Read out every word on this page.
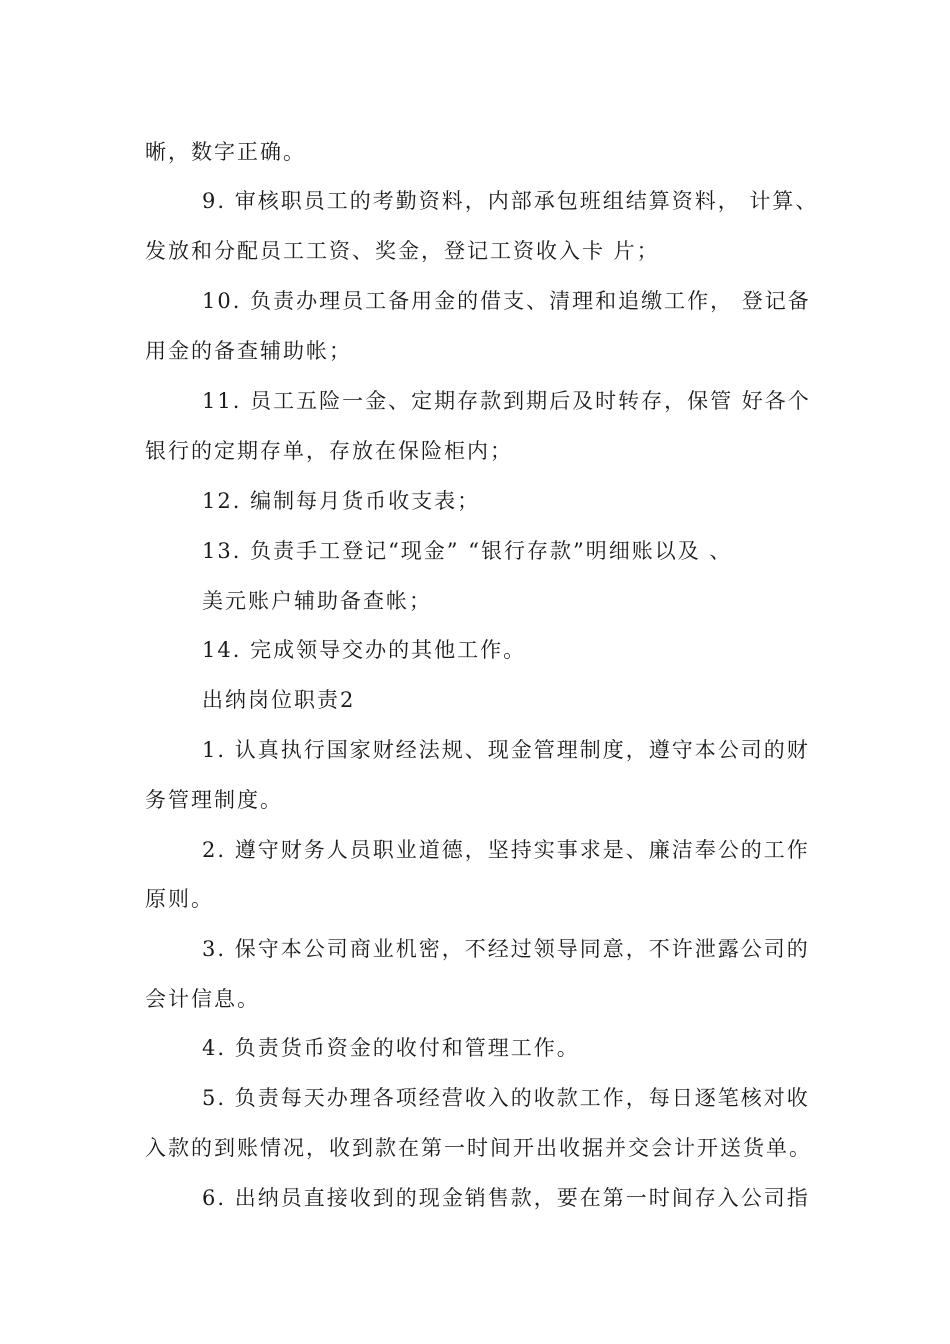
晰，数字正确。
9. 审核职员工的考勤资料，内部承包班组结算资料， 计算、
发放和分配员工工资、奖金，登记工资收入卡 片；
10. 负责办理员工备用金的借支、清理和追缴工作， 登记备
用金的备查辅助帐；
11. 员工五险一金、定期存款到期后及时转存，保管 好各个
银行的定期存单，存放在保险柜内；
12. 编制每月货币收支表；
13. 负责手工登记“现金” “银行存款”明细账以及 、
美元账户辅助备查帐；
14. 完成领导交办的其他工作。
出纳岗位职责2
1. 认真执行国家财经法规、现金管理制度，遵守本公司的财
务管理制度。
2. 遵守财务人员职业道德，坚持实事求是、廉洁奉公的工作
原则。
3. 保守本公司商业机密，不经过领导同意，不许泄露公司的
会计信息。
4. 负责货币资金的收付和管理工作。
5. 负责每天办理各项经营收入的收款工作，每日逐笔核对收
入款的到账情况，收到款在第一时间开出收据并交会计开送货单。
6. 出纳员直接收到的现金销售款，要在第一时间存入公司指
